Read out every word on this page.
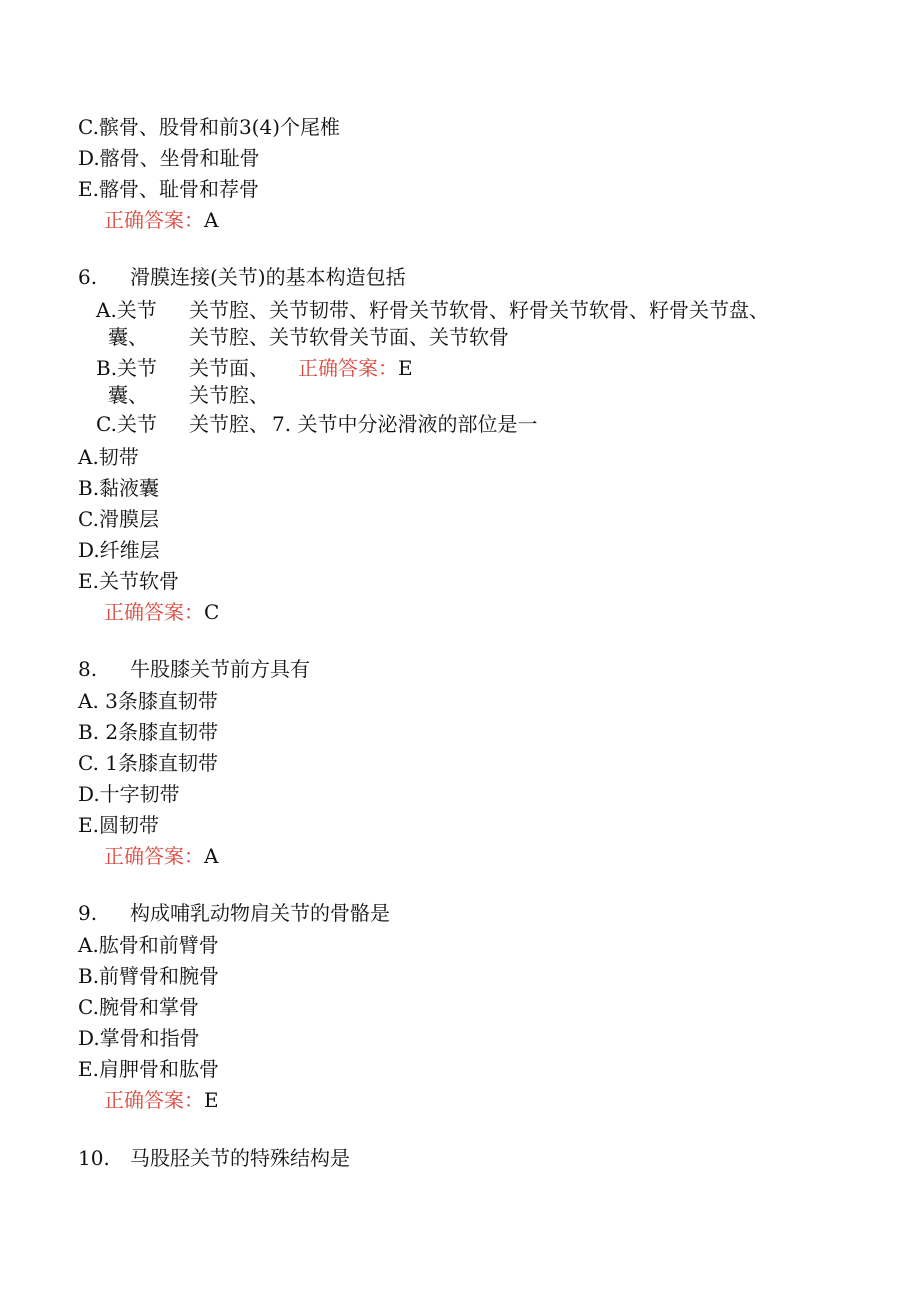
C.髌骨、股骨和前3(4)个尾椎
D.髂骨、坐骨和耻骨
E.髂骨、耻骨和荐骨
正确答案：A
6. 滑膜连接(关节)的基本构造包括
A.关节 关节腔、关节韧带、籽骨关节软骨、籽骨关节软骨、籽骨关节盘、
囊、 关节腔、关节软骨关节面、关节软骨
B.关节 关节面、 正确答案：E
囊、 关节腔、
C.关节 关节腔、 7. 关节中分泌滑液的部位是一
A.韧带
B.黏液囊
C.滑膜层
D.纤维层
E.关节软骨
正确答案：C
8. 牛股膝关节前方具有
A. 3条膝直韧带
B. 2条膝直韧带
C. 1条膝直韧带
D.十字韧带
E.圆韧带
正确答案：A
9. 构成哺乳动物肩关节的骨骼是
A.肱骨和前臂骨
B.前臂骨和腕骨
C.腕骨和掌骨
D.掌骨和指骨
E.肩胛骨和肱骨
正确答案：E
10. 马股胫关节的特殊结构是
